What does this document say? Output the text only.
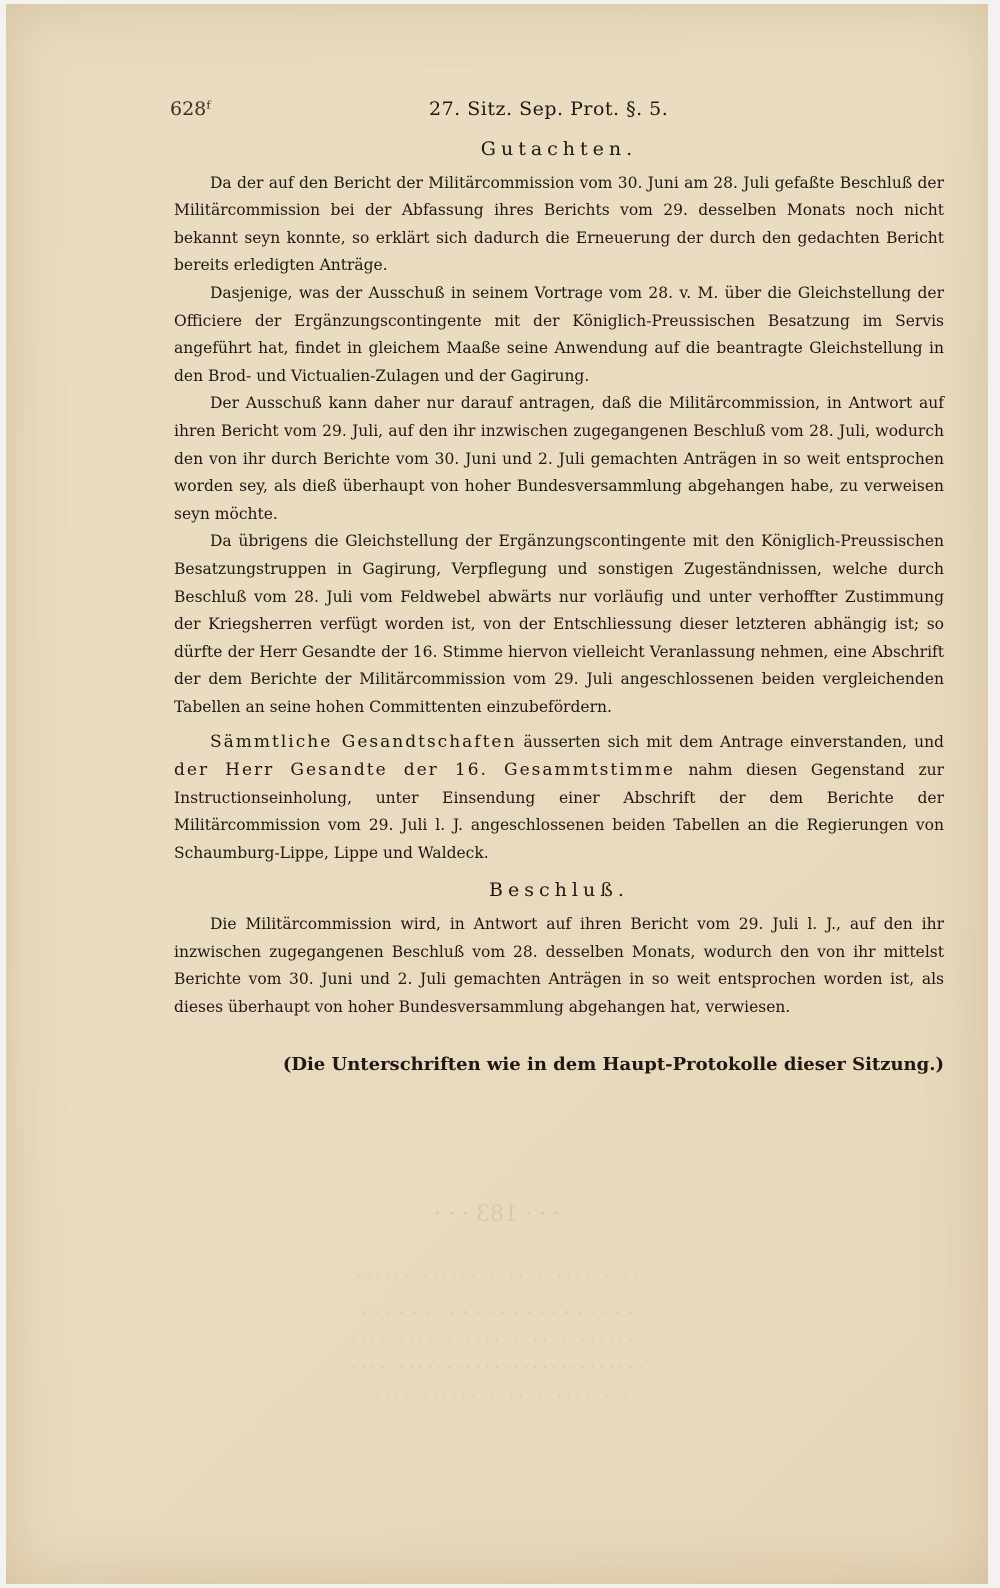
· · · 183 · · ·
· · · · · · · · · · · · · · · · · · · · · · · · · · · · · ·
· · · · · · · · · · · · · · · · · · · · · ·
· · · · · · · · · · · · · · · · · · · · · · · · · · · · · · ·
· · · · · · · · · · · · · · · · · · · · · · · · · · · · · · ·
· · · · · · · · · · · · · · · · · · · · · · · · · · · ·
628ᶠ	27. Sitz. Sep. Prot. §. 5.
Gutachten.

Da der auf den Bericht der Militärcommission vom 30. Juni am 28. Juli gefaßte Beschluß der Militärcommission bei der Abfassung ihres Berichts vom 29. desselben Monats noch nicht bekannt seyn konnte, so erklärt sich dadurch die Erneuerung der durch den gedachten Bericht bereits erledigten Anträge.

Dasjenige, was der Ausschuß in seinem Vortrage vom 28. v. M. über die Gleichstellung der Officiere der Ergänzungscontingente mit der Königlich-Preussischen Besatzung im Servis angeführt hat, findet in gleichem Maaße seine Anwendung auf die beantragte Gleichstellung in den Brod- und Victualien-Zulagen und der Gagirung.

Der Ausschuß kann daher nur darauf antragen, daß die Militärcommission, in Antwort auf ihren Bericht vom 29. Juli, auf den ihr inzwischen zugegangenen Beschluß vom 28. Juli, wodurch den von ihr durch Berichte vom 30. Juni und 2. Juli gemachten Anträgen in so weit entsprochen worden sey, als dieß überhaupt von hoher Bundesversammlung abgehangen habe, zu verweisen seyn möchte.

Da übrigens die Gleichstellung der Ergänzungscontingente mit den Königlich-Preussischen Besatzungstruppen in Gagirung, Verpflegung und sonstigen Zugeständnissen, welche durch Beschluß vom 28. Juli vom Feldwebel abwärts nur vorläufig und unter verhoffter Zustimmung der Kriegsherren verfügt worden ist, von der Entschliessung dieser letzteren abhängig ist; so dürfte der Herr Gesandte der 16. Stimme hiervon vielleicht Veranlassung nehmen, eine Abschrift der dem Berichte der Militärcommission vom 29. Juli angeschlossenen beiden vergleichenden Tabellen an seine hohen Committenten einzubefördern.

Sämmtliche Gesandtschaften äusserten sich mit dem Antrage einverstanden, und der Herr Gesandte der 16. Gesammtstimme nahm diesen Gegenstand zur Instructionseinholung, unter Einsendung einer Abschrift der dem Berichte der Militärcommission vom 29. Juli l. J. angeschlossenen beiden Tabellen an die Regierungen von Schaumburg-Lippe, Lippe und Waldeck.

Beschluß.

Die Militärcommission wird, in Antwort auf ihren Bericht vom 29. Juli l. J., auf den ihr inzwischen zugegangenen Beschluß vom 28. desselben Monats, wodurch den von ihr mittelst Berichte vom 30. Juni und 2. Juli gemachten Anträgen in so weit entsprochen worden ist, als dieses überhaupt von hoher Bundesversammlung abgehangen hat, verwiesen.

(Die Unterschriften wie in dem Haupt-Protokolle dieser Sitzung.)
